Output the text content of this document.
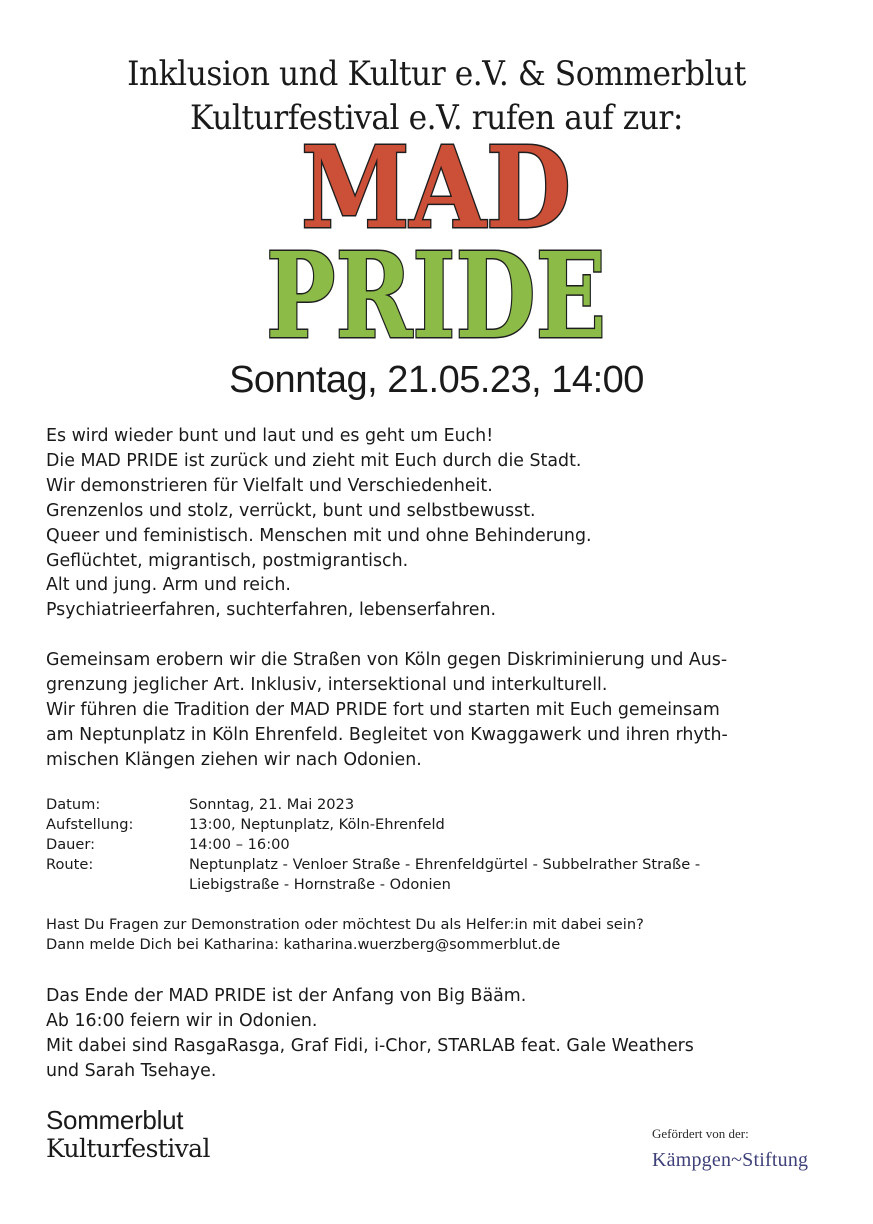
Inklusion und Kultur e.V. & Sommerblut
Kulturfestival e.V. rufen auf zur:
MAD
PRIDE
Sonntag, 21.05.23, 14:00
Es wird wieder bunt und laut und es geht um Euch!
Die MAD PRIDE ist zurück und zieht mit Euch durch die Stadt.
Wir demonstrieren für Vielfalt und Verschiedenheit.
Grenzenlos und stolz, verrückt, bunt und selbstbewusst.
Queer und feministisch. Menschen mit und ohne Behinderung.
Geflüchtet, migrantisch, postmigrantisch.
Alt und jung. Arm und reich.
Psychiatrieerfahren, suchterfahren, lebenserfahren.
Gemeinsam erobern wir die Straßen von Köln gegen Diskriminierung und Aus-
grenzung jeglicher Art. Inklusiv, intersektional und interkulturell.
Wir führen die Tradition der MAD PRIDE fort und starten mit Euch gemeinsam
am Neptunplatz in Köln Ehrenfeld. Begleitet von Kwaggawerk und ihren rhyth-
mischen Klängen ziehen wir nach Odonien.
Datum:	Sonntag, 21. Mai 2023
Aufstellung:	13:00, Neptunplatz, Köln-Ehrenfeld
Dauer:	14:00 – 16:00
Route:	Neptunplatz - Venloer Straße - Ehrenfeldgürtel - Subbelrather Straße -
Liebigstraße - Hornstraße - Odonien
Hast Du Fragen zur Demonstration oder möchtest Du als Helfer:in mit dabei sein?
Dann melde Dich bei Katharina: katharina.wuerzberg@sommerblut.de
Das Ende der MAD PRIDE ist der Anfang von Big Bääm.
Ab 16:00 feiern wir in Odonien.
Mit dabei sind RasgaRasga, Graf Fidi, i-Chor, STARLAB feat. Gale Weathers
und Sarah Tsehaye.
Sommerblut
Kulturfestival
Gefördert von der:
Kämpgen~Stiftung
